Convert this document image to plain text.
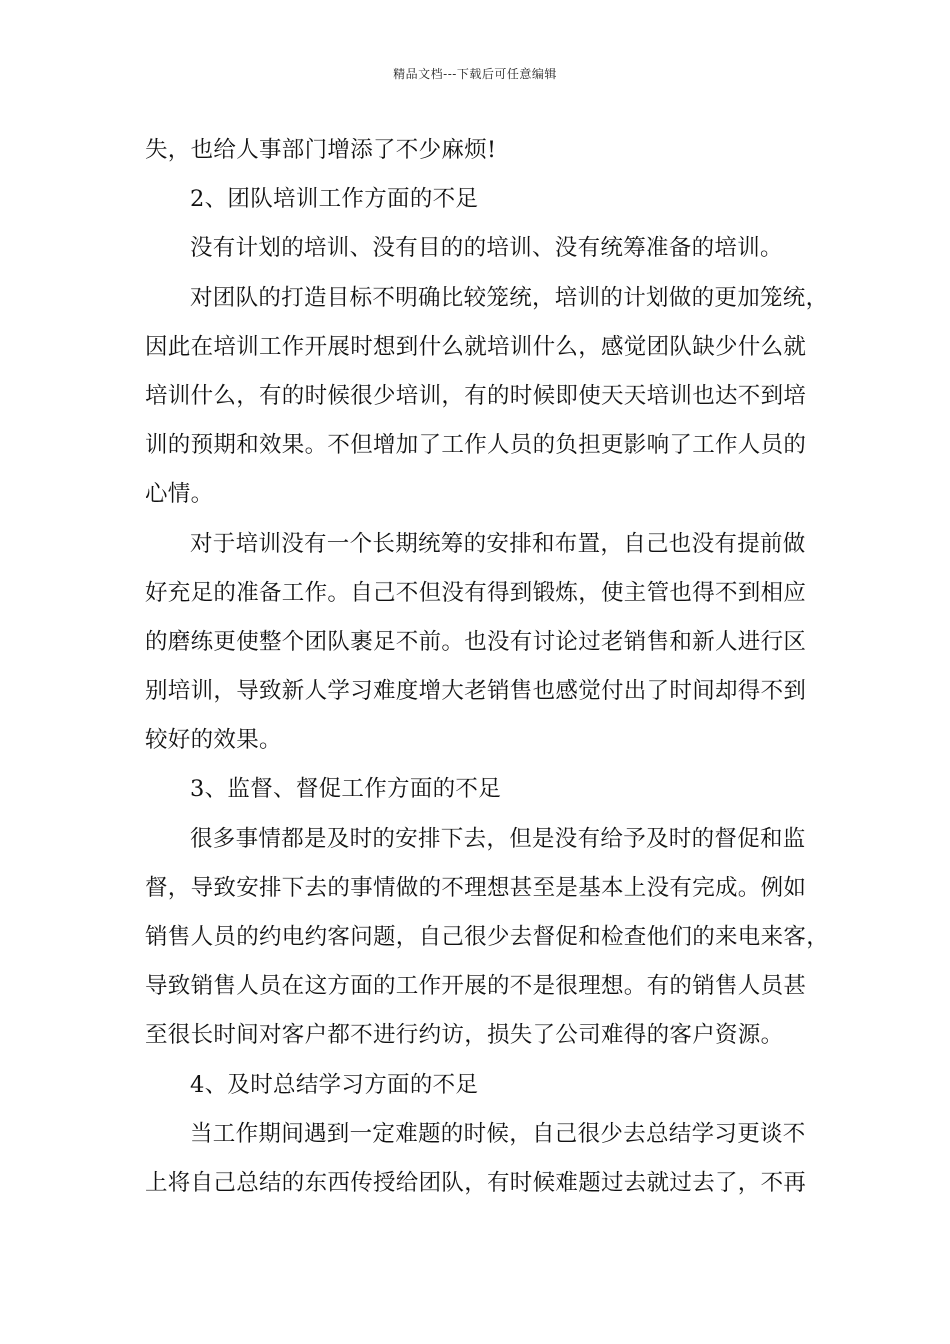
精品文档---下载后可任意编辑
失，也给人事部门增添了不少麻烦!
2、团队培训工作方面的不足
没有计划的培训、没有目的的培训、没有统筹准备的培训。
对团队的打造目标不明确比较笼统，培训的计划做的更加笼统，
因此在培训工作开展时想到什么就培训什么，感觉团队缺少什么就
培训什么，有的时候很少培训，有的时候即使天天培训也达不到培
训的预期和效果。不但增加了工作人员的负担更影响了工作人员的
心情。
对于培训没有一个长期统筹的安排和布置，自己也没有提前做
好充足的准备工作。自己不但没有得到锻炼，使主管也得不到相应
的磨练更使整个团队裹足不前。也没有讨论过老销售和新人进行区
别培训，导致新人学习难度增大老销售也感觉付出了时间却得不到
较好的效果。
3、监督、督促工作方面的不足
很多事情都是及时的安排下去，但是没有给予及时的督促和监
督，导致安排下去的事情做的不理想甚至是基本上没有完成。例如
销售人员的约电约客问题，自己很少去督促和检查他们的来电来客，
导致销售人员在这方面的工作开展的不是很理想。有的销售人员甚
至很长时间对客户都不进行约访，损失了公司难得的客户资源。
4、及时总结学习方面的不足
当工作期间遇到一定难题的时候，自己很少去总结学习更谈不
上将自己总结的东西传授给团队，有时候难题过去就过去了，不再
